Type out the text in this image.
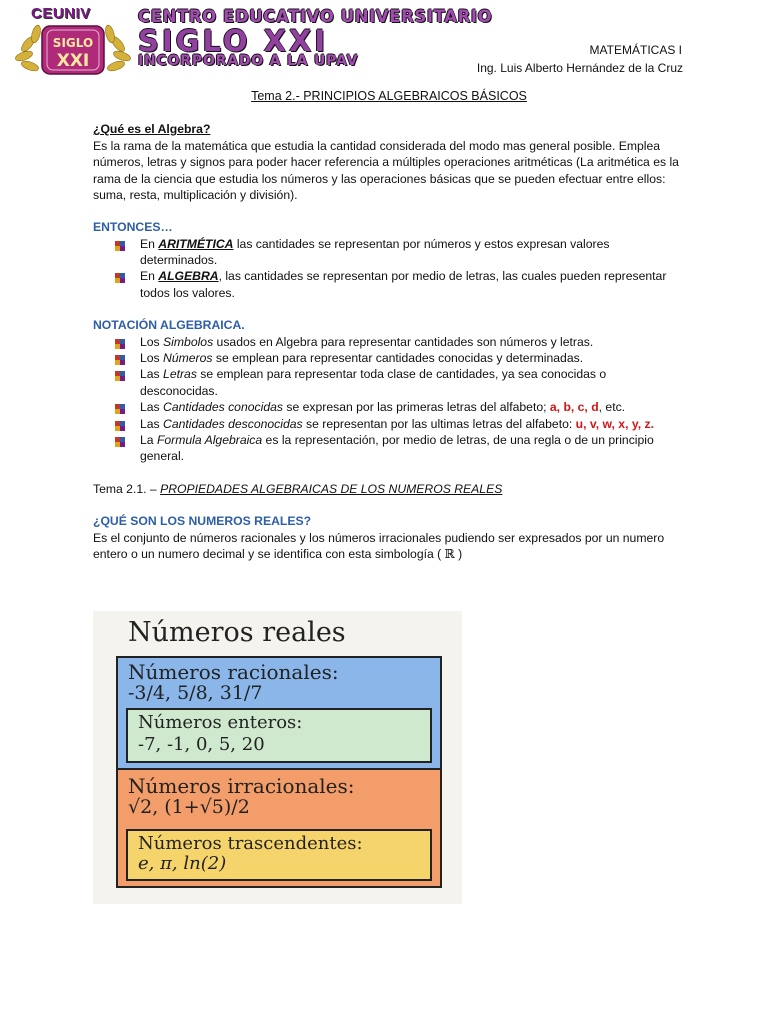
SIGLO
XXI
CEUNIV	CENTRO EDUCATIVO UNIVERSITARIO
SIGLO XXI
INCORPORADO A LA UPAV
MATEMÁTICAS I
Ing. Luis Alberto Hernández de la Cruz
Tema 2.- PRINCIPIOS ALGEBRAICOS BÁSICOS
¿Qué es el Algebra?
Es la rama de la matemática que estudia la cantidad considerada del modo mas general posible. Emplea números, letras y signos para poder hacer referencia a múltiples operaciones aritméticas (La aritmética es la rama de la ciencia que estudia los números y las operaciones básicas que se pueden efectuar entre ellos: suma, resta, multiplicación y división).
ENTONCES…
En ARITMÉTICA las cantidades se representan por números y estos expresan valores determinados.
En ALGEBRA, las cantidades se representan por medio de letras, las cuales pueden representar todos los valores.
NOTACIÓN ALGEBRAICA.
Los Simbolos usados en Algebra para representar cantidades son números y letras.
Los Números se emplean para representar cantidades conocidas y determinadas.
Las Letras se emplean para representar toda clase de cantidades, ya sea conocidas o desconocidas.
Las Cantidades conocidas se expresan por las primeras letras del alfabeto; a, b, c, d, etc.
Las Cantidades desconocidas se representan por las ultimas letras del alfabeto: u, v, w, x, y, z.
La Formula Algebraica es la representación, por medio de letras, de una regla o de un principio general.
Tema 2.1. – PROPIEDADES ALGEBRAICAS DE LOS NUMEROS REALES
¿QUÉ SON LOS NUMEROS REALES?
Es el conjunto de números racionales y los números irracionales pudiendo ser expresados por un numero entero o un numero decimal y se identifica con esta simbología ( ℝ )
Números reales
Números racionales:
-3/4, 5/8, 31/7
Números enteros:
-7, -1, 0, 5, 20
Números irracionales:
√2, (1+√5)/2
Números trascendentes:
e, π, ln(2)
